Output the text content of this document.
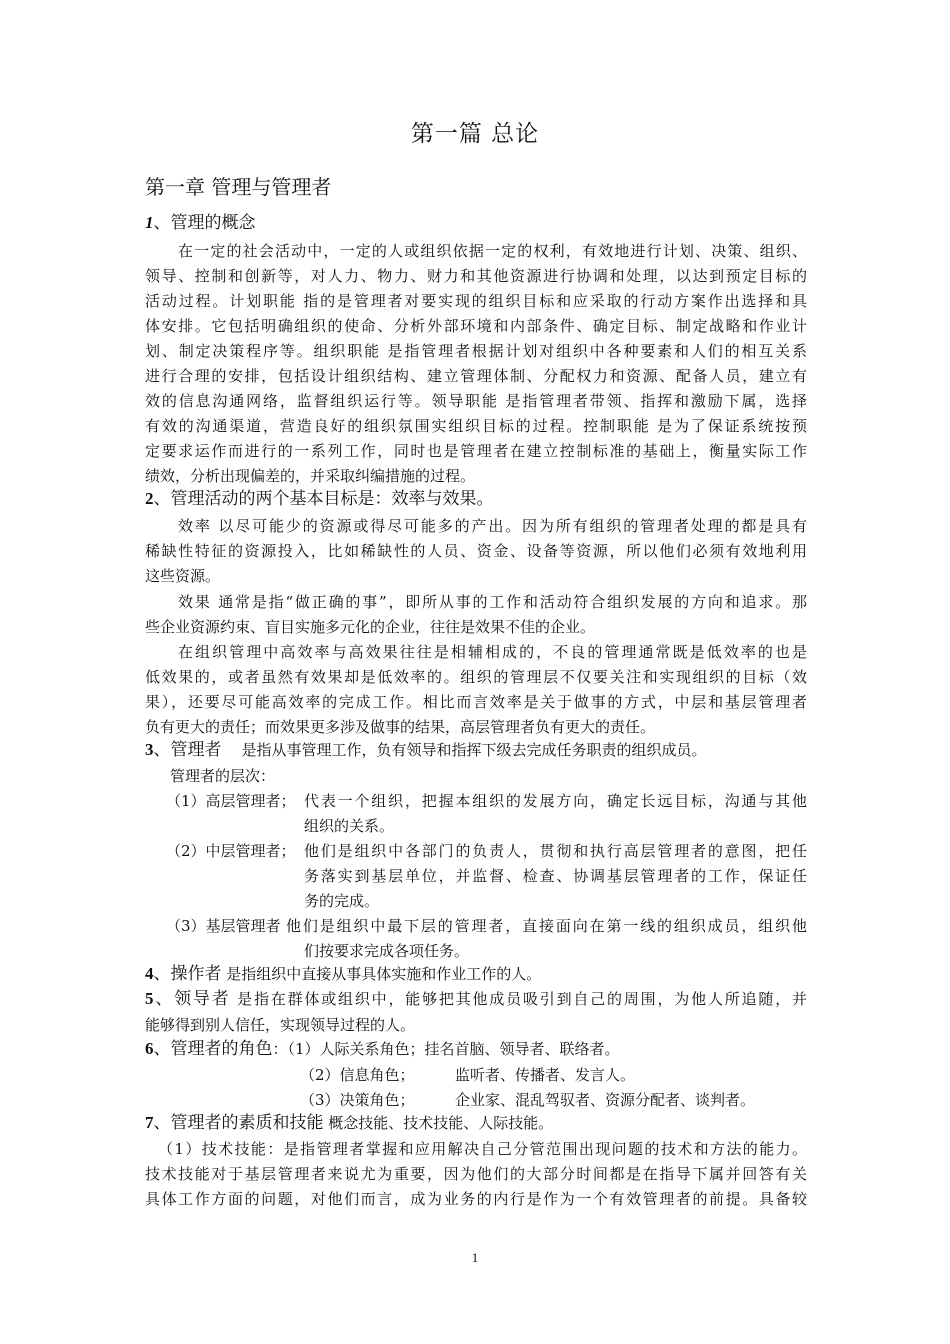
第一篇 总论
第一章 管理与管理者
1、管理的概念
在一定的社会活动中，一定的人或组织依据一定的权利，有效地进行计划、决策、组织、
领导、控制和创新等，对人力、物力、财力和其他资源进行协调和处理，以达到预定目标的
活动过程。计划职能 指的是管理者对要实现的组织目标和应采取的行动方案作出选择和具
体安排。它包括明确组织的使命、分析外部环境和内部条件、确定目标、制定战略和作业计
划、制定决策程序等。组织职能 是指管理者根据计划对组织中各种要素和人们的相互关系
进行合理的安排，包括设计组织结构、建立管理体制、分配权力和资源、配备人员，建立有
效的信息沟通网络，监督组织运行等。领导职能 是指管理者带领、指挥和激励下属，选择
有效的沟通渠道，营造良好的组织氛围实组织目标的过程。控制职能 是为了保证系统按预
定要求运作而进行的一系列工作，同时也是管理者在建立控制标准的基础上，衡量实际工作
绩效，分析出现偏差的，并采取纠编措施的过程。
2、管理活动的两个基本目标是：效率与效果。
效率 以尽可能少的资源或得尽可能多的产出。因为所有组织的管理者处理的都是具有
稀缺性特征的资源投入，比如稀缺性的人员、资金、设备等资源，所以他们必须有效地利用
这些资源。
效果 通常是指“做正确的事”，即所从事的工作和活动符合组织发展的方向和追求。那
些企业资源约束、盲目实施多元化的企业，往往是效果不佳的企业。
在组织管理中高效率与高效果往往是相辅相成的，不良的管理通常既是低效率的也是
低效果的，或者虽然有效果却是低效率的。组织的管理层不仅要关注和实现组织的目标（效
果），还要尽可能高效率的完成工作。相比而言效率是关于做事的方式，中层和基层管理者
负有更大的责任；而效果更多涉及做事的结果，高层管理者负有更大的责任。
3、管理者 是指从事管理工作，负有领导和指挥下级去完成任务职责的组织成员。
管理者的层次：
（1）高层管理者； 代表一个组织，把握本组织的发展方向，确定长远目标，沟通与其他
组织的关系。
（2）中层管理者； 他们是组织中各部门的负责人，贯彻和执行高层管理者的意图，把任
务落实到基层单位，并监督、检查、协调基层管理者的工作，保证任
务的完成。
（3）基层管理者 他们是组织中最下层的管理者，直接面向在第一线的组织成员，组织他
们按要求完成各项任务。
4、操作者 是指组织中直接从事具体实施和作业工作的人。
5、领导者 是指在群体或组织中，能够把其他成员吸引到自己的周围，为他人所追随，并
能够得到别人信任，实现领导过程的人。
6、管理者的角色：（1）人际关系角色；挂名首脑、领导者、联络者。
（2）信息角色；	监听者、传播者、发言人。
（3）决策角色；	企业家、混乱驾驭者、资源分配者、谈判者。
7、管理者的素质和技能 概念技能、技术技能、人际技能。
（1）技术技能：是指管理者掌握和应用解决自己分管范围出现问题的技术和方法的能力。
技术技能对于基层管理者来说尤为重要，因为他们的大部分时间都是在指导下属并回答有关
具体工作方面的问题，对他们而言，成为业务的内行是作为一个有效管理者的前提。具备较
1
